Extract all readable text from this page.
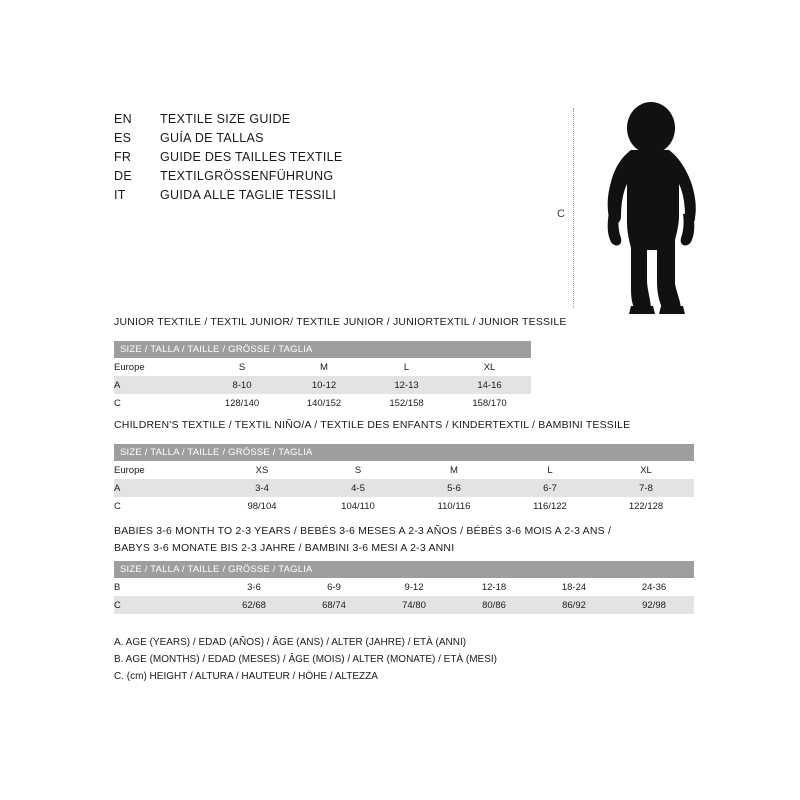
EN	TEXTILE SIZE GUIDE
ES	GUÍA DE TALLAS
FR	GUIDE DES TAILLES TEXTILE
DE	TEXTILGRÖSSENFÜHRUNG
IT	GUIDA ALLE TAGLIE TESSILI
C
JUNIOR TEXTILE / TEXTIL JUNIOR/ TEXTILE JUNIOR / JUNIORTEXTIL / JUNIOR TESSILE
SIZE / TALLA / TAILLE / GRÖSSE / TAGLIA				
Europe	S	M	L	XL
A	8-10	10-12	12-13	14-16
C	128/140	140/152	152/158	158/170
CHILDREN'S TEXTILE / TEXTIL NIÑO/A / TEXTILE DES ENFANTS / KINDERTEXTIL / BAMBINI TESSILE
SIZE / TALLA / TAILLE / GRÖSSE / TAGLIA					
Europe	XS	S	M	L	XL
A	3-4	4-5	5-6	6-7	7-8
C	98/104	104/110	110/116	116/122	122/128
BABIES 3-6 MONTH TO 2-3 YEARS / BEBÉS 3-6 MESES A 2-3 AÑOS / BÉBÉS 3-6 MOIS A 2-3 ANS /
BABYS 3-6 MONATE BIS 2-3 JAHRE / BAMBINI 3-6 MESI A 2-3 ANNI
SIZE / TALLA / TAILLE / GRÖSSE / TAGLIA						
B	3-6	6-9	9-12	12-18	18-24	24-36
C	62/68	68/74	74/80	80/86	86/92	92/98
A. AGE (YEARS) / EDAD (AÑOS) / ÂGE (ANS) / ALTER (JAHRE) / ETÀ (ANNI)
B. AGE (MONTHS) / EDAD (MESES) / ÂGE (MOIS) / ALTER (MONATE) / ETÀ (MESI)
C. (cm) HEIGHT / ALTURA / HAUTEUR / HÖHE / ALTEZZA
